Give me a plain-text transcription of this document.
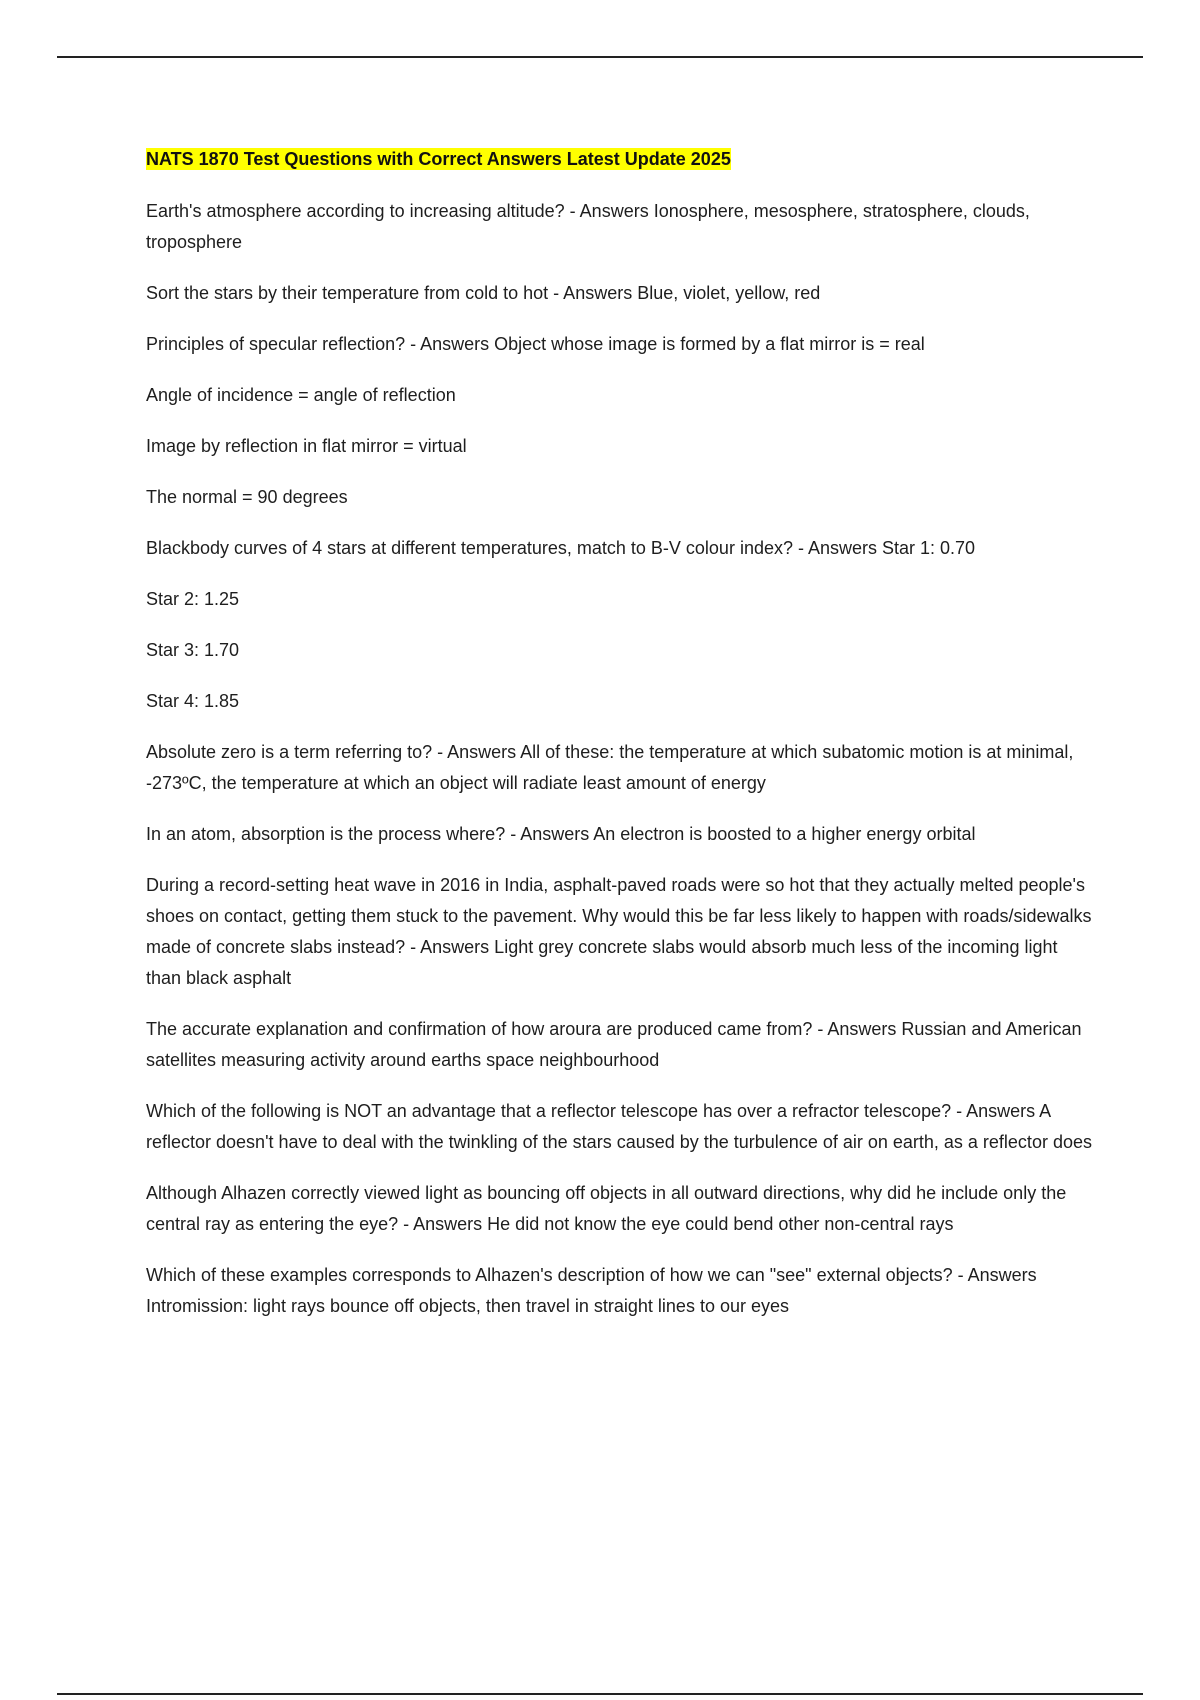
NATS 1870 Test Questions with Correct Answers Latest Update 2025

Earth's atmosphere according to increasing altitude? - Answers Ionosphere, mesosphere, stratosphere, clouds, troposphere

Sort the stars by their temperature from cold to hot - Answers Blue, violet, yellow, red

Principles of specular reflection? - Answers Object whose image is formed by a flat mirror is = real

Angle of incidence = angle of reflection

Image by reflection in flat mirror = virtual

The normal = 90 degrees

Blackbody curves of 4 stars at different temperatures, match to B-V colour index? - Answers Star 1: 0.70

Star 2: 1.25

Star 3: 1.70

Star 4: 1.85

Absolute zero is a term referring to? - Answers All of these: the temperature at which subatomic motion is at minimal, -273ºC, the temperature at which an object will radiate least amount of energy

In an atom, absorption is the process where? - Answers An electron is boosted to a higher energy orbital

During a record-setting heat wave in 2016 in India, asphalt-paved roads were so hot that they actually melted people's shoes on contact, getting them stuck to the pavement. Why would this be far less likely to happen with roads/sidewalks made of concrete slabs instead? - Answers Light grey concrete slabs would absorb much less of the incoming light than black asphalt

The accurate explanation and confirmation of how aroura are produced came from? - Answers Russian and American satellites measuring activity around earths space neighbourhood

Which of the following is NOT an advantage that a reflector telescope has over a refractor telescope? - Answers A reflector doesn't have to deal with the twinkling of the stars caused by the turbulence of air on earth, as a reflector does

Although Alhazen correctly viewed light as bouncing off objects in all outward directions, why did he include only the central ray as entering the eye? - Answers He did not know the eye could bend other non-central rays

Which of these examples corresponds to Alhazen's description of how we can "see" external objects? - Answers Intromission: light rays bounce off objects, then travel in straight lines to our eyes
